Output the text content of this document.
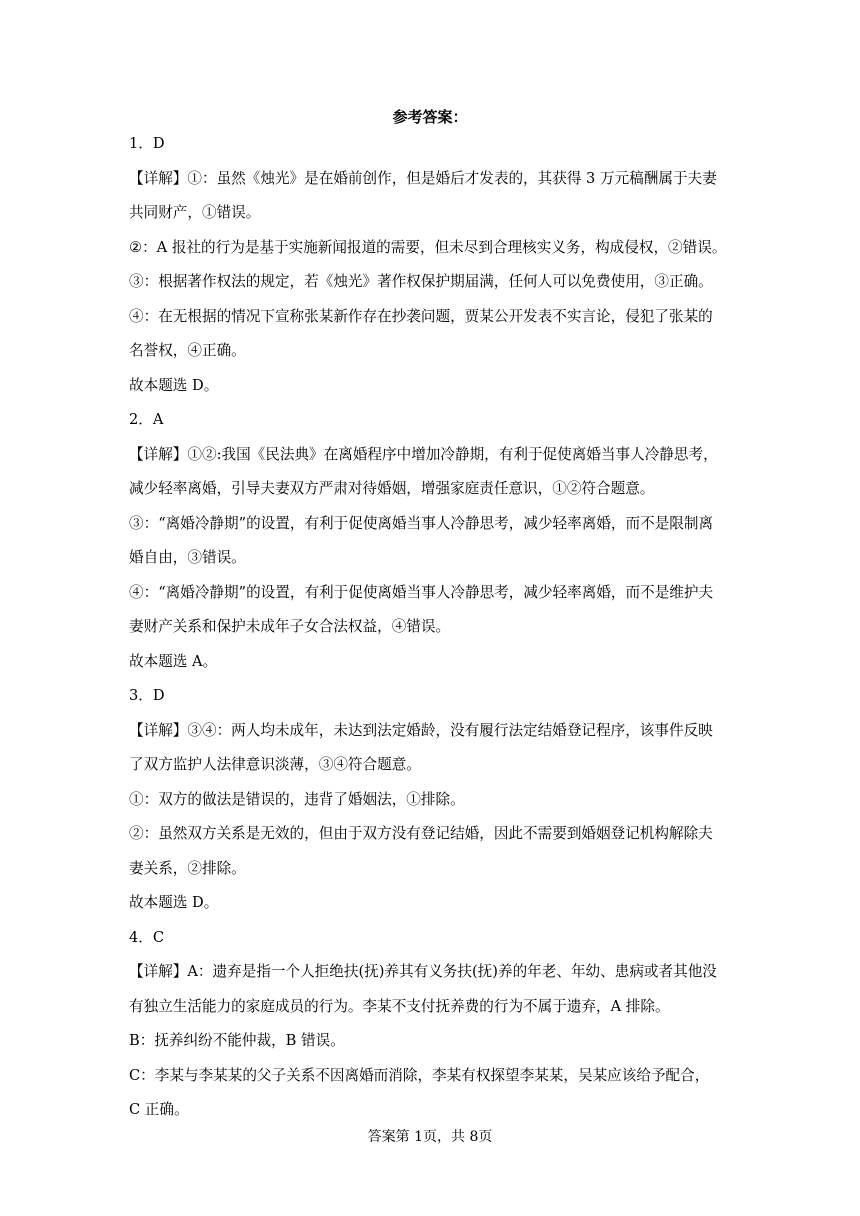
参考答案：
1．D
【详解】①：虽然《烛光》是在婚前创作，但是婚后才发表的，其获得 3 万元稿酬属于夫妻
共同财产，①错误。
②：A 报社的行为是基于实施新闻报道的需要，但未尽到合理核实义务，构成侵权，②错误。
③：根据著作权法的规定，若《烛光》著作权保护期届满，任何人可以免费使用，③正确。
④：在无根据的情况下宣称张某新作存在抄袭问题，贾某公开发表不实言论，侵犯了张某的
名誉权，④正确。
故本题选 D。
2．A
【详解】①②:我国《民法典》在离婚程序中增加冷静期，有利于促使离婚当事人冷静思考，
减少轻率离婚，引导夫妻双方严肃对待婚姻，增强家庭责任意识，①②符合题意。
③：“离婚冷静期”的设置，有利于促使离婚当事人冷静思考，减少轻率离婚，而不是限制离
婚自由，③错误。
④：“离婚冷静期”的设置，有利于促使离婚当事人冷静思考，减少轻率离婚，而不是维护夫
妻财产关系和保护未成年子女合法权益，④错误。
故本题选 A。
3．D
【详解】③④：两人均未成年，未达到法定婚龄，没有履行法定结婚登记程序，该事件反映
了双方监护人法律意识淡薄，③④符合题意。
①：双方的做法是错误的，违背了婚姻法，①排除。
②：虽然双方关系是无效的，但由于双方没有登记结婚，因此不需要到婚姻登记机构解除夫
妻关系，②排除。
故本题选 D。
4．C
【详解】A：遗弃是指一个人拒绝扶(抚)养其有义务扶(抚)养的年老、年幼、患病或者其他没
有独立生活能力的家庭成员的行为。李某不支付抚养费的行为不属于遗弃，A 排除。
B：抚养纠纷不能仲裁，B 错误。
C：李某与李某某的父子关系不因离婚而消除，李某有权探望李某某，吴某应该给予配合，
C 正确。
答案第 1页，共 8页
